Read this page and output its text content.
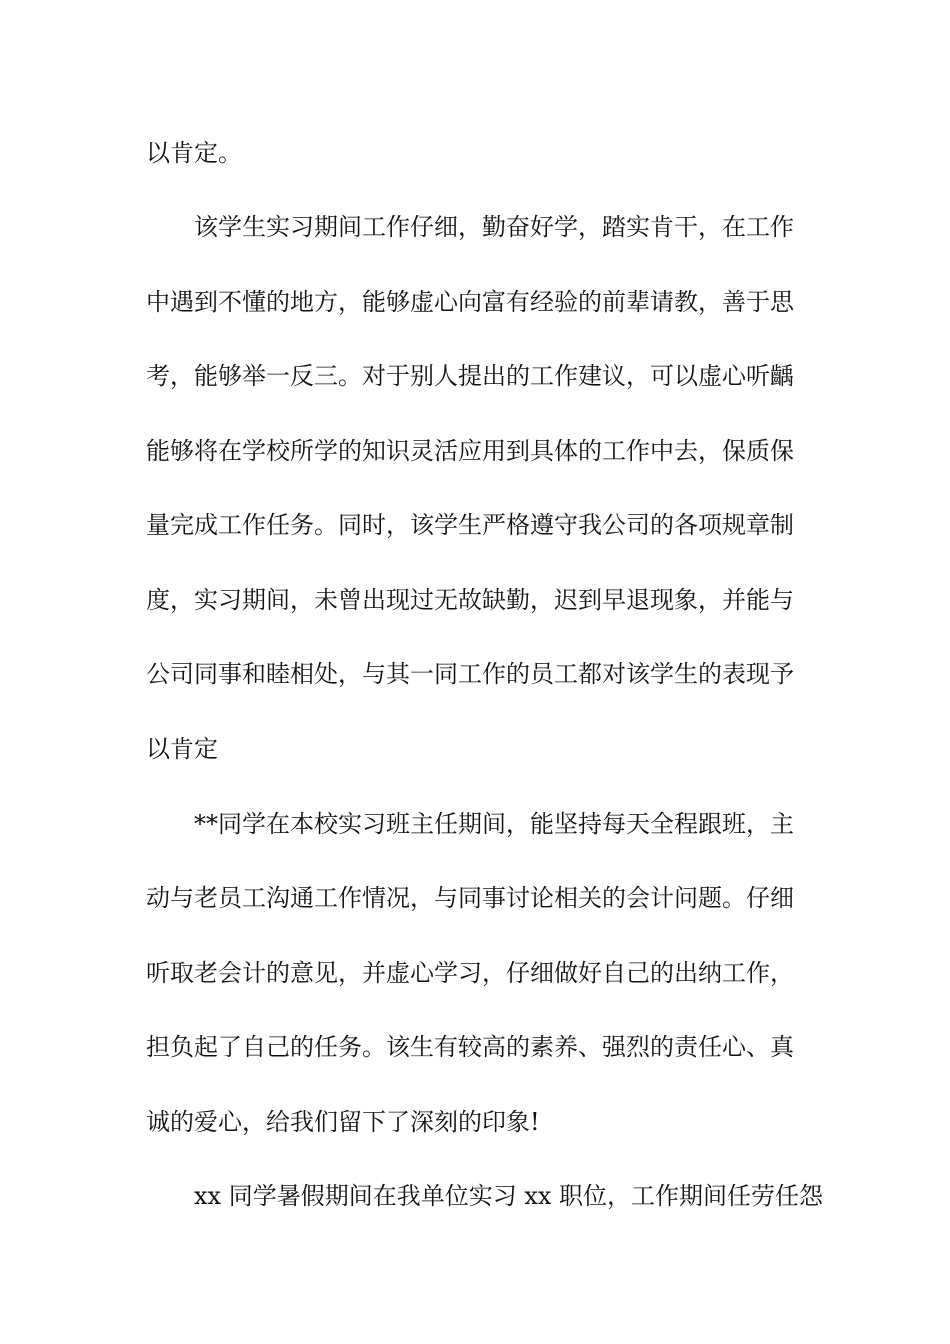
以肯定。
该学生实习期间工作仔细，勤奋好学，踏实肯干，在工作
中遇到不懂的地方，能够虚心向富有经验的前辈请教，善于思
考，能够举一反三。对于别人提出的工作建议，可以虚心听齲
能够将在学校所学的知识灵活应用到具体的工作中去，保质保
量完成工作任务。同时，该学生严格遵守我公司的各项规章制
度，实习期间，未曾出现过无故缺勤，迟到早退现象，并能与
公司同事和睦相处，与其一同工作的员工都对该学生的表现予
以肯定
**同学在本校实习班主任期间，能坚持每天全程跟班，主
动与老员工沟通工作情况，与同事讨论相关的会计问题。仔细
听取老会计的意见，并虚心学习，仔细做好自己的出纳工作，
担负起了自己的任务。该生有较高的素养、强烈的责任心、真
诚的爱心，给我们留下了深刻的印象!
xx 同学暑假期间在我单位实习 xx 职位，工作期间任劳任怨
